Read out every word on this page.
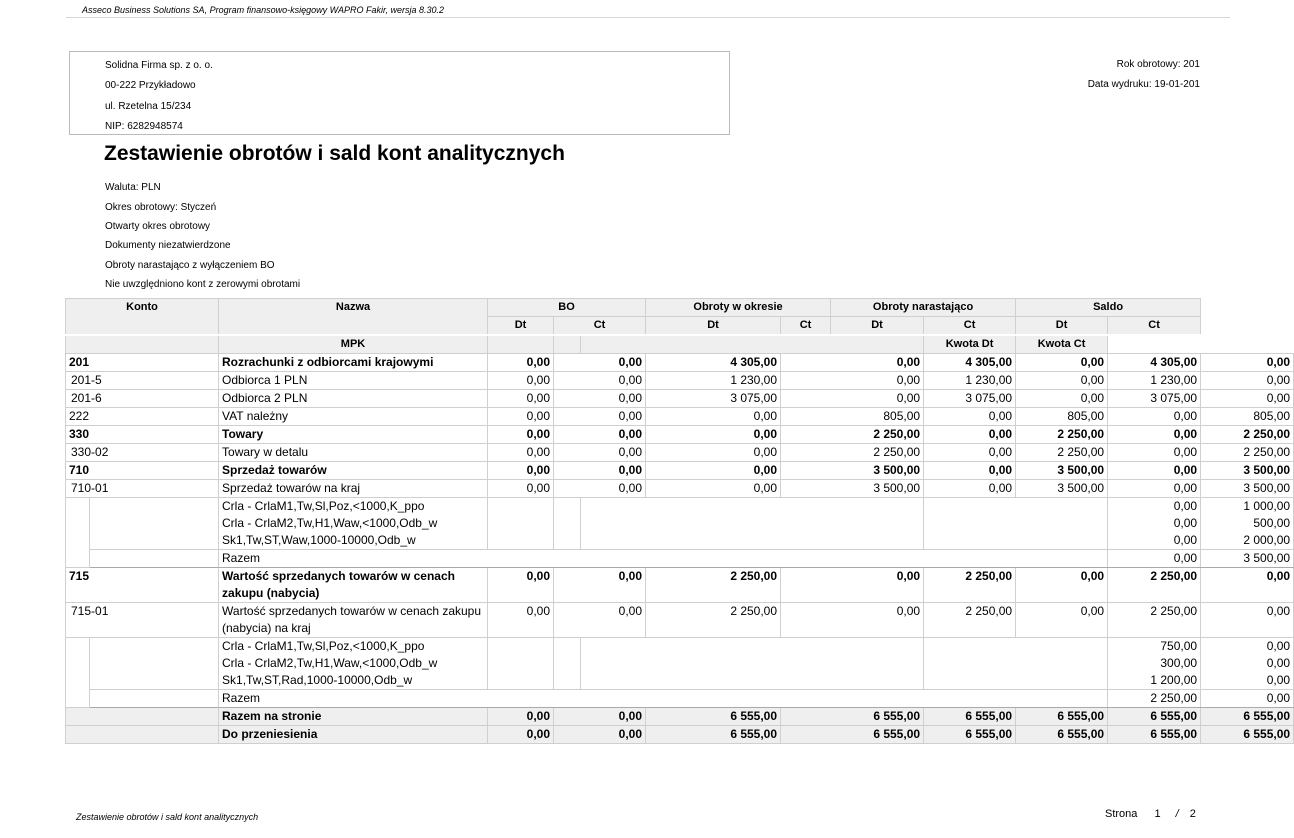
Asseco Business Solutions SA, Program finansowo-księgowy WAPRO Fakir, wersja 8.30.2
Solidna Firma sp. z o. o.
00-222 Przykładowo
ul. Rzetelna 15/234
NIP: 6282948574
Rok obrotowy: 201
Data wydruku: 19-01-201
Zestawienie obrotów i sald kont analitycznych
Waluta: PLN
Okres obrotowy: Styczeń
Otwarty okres obrotowy
Dokumenty niezatwierdzone
Obroty narastająco z wyłączeniem BO
Nie uwzględniono kont z zerowymi obrotami
Konto		Nazwa	BO			Obroty w okresie		Obroty narastająco		Saldo		
			Dt	Ct		Dt	Ct	Dt	Ct	Dt	Ct	
		MPK							Kwota Dt	Kwota Ct		
201		Rozrachunki z odbiorcami krajowymi	0,00	0,00		4 305,00	0,00		4 305,00	0,00	4 305,00	0,00
201-5		Odbiorca 1 PLN	0,00	0,00		1 230,00	0,00		1 230,00	0,00	1 230,00	0,00
201-6		Odbiorca 2 PLN	0,00	0,00		3 075,00	0,00		3 075,00	0,00	3 075,00	0,00
222		VAT należny	0,00	0,00		0,00	805,00		0,00	805,00	0,00	805,00
330		Towary	0,00	0,00		0,00	2 250,00		0,00	2 250,00	0,00	2 250,00
330-02		Towary w detalu	0,00	0,00		0,00	2 250,00		0,00	2 250,00	0,00	2 250,00
710		Sprzedaż towarów	0,00	0,00		0,00	3 500,00		0,00	3 500,00	0,00	3 500,00
710-01		Sprzedaż towarów na kraj	0,00	0,00		0,00	3 500,00		0,00	3 500,00	0,00	3 500,00
		Crla - CrlaM1,Tw,Sl,Poz,<1000,K_ppo									0,00	1 000,00
		Crla - CrlaM2,Tw,H1,Waw,<1000,Odb_w									0,00	500,00
		Sk1,Tw,ST,Waw,1000-10000,Odb_w									0,00	2 000,00
		Razem									0,00	3 500,00
715		Wartość sprzedanych towarów w cenach zakupu (nabycia)	0,00	0,00		2 250,00	0,00		2 250,00	0,00	2 250,00	0,00
715-01		Wartość sprzedanych towarów w cenach zakupu (nabycia) na kraj	0,00	0,00		2 250,00	0,00		2 250,00	0,00	2 250,00	0,00
		Crla - CrlaM1,Tw,Sl,Poz,<1000,K_ppo									750,00	0,00
		Crla - CrlaM2,Tw,H1,Waw,<1000,Odb_w									300,00	0,00
		Sk1,Tw,ST,Rad,1000-10000,Odb_w									1 200,00	0,00
		Razem									2 250,00	0,00
		Razem na stronie	0,00	0,00		6 555,00	6 555,00		6 555,00	6 555,00	6 555,00	6 555,00
		Do przeniesienia	0,00	0,00		6 555,00	6 555,00		6 555,00	6 555,00	6 555,00	6 555,00
Zestawienie obrotów i sald kont analitycznych	Strona 1 / 2
